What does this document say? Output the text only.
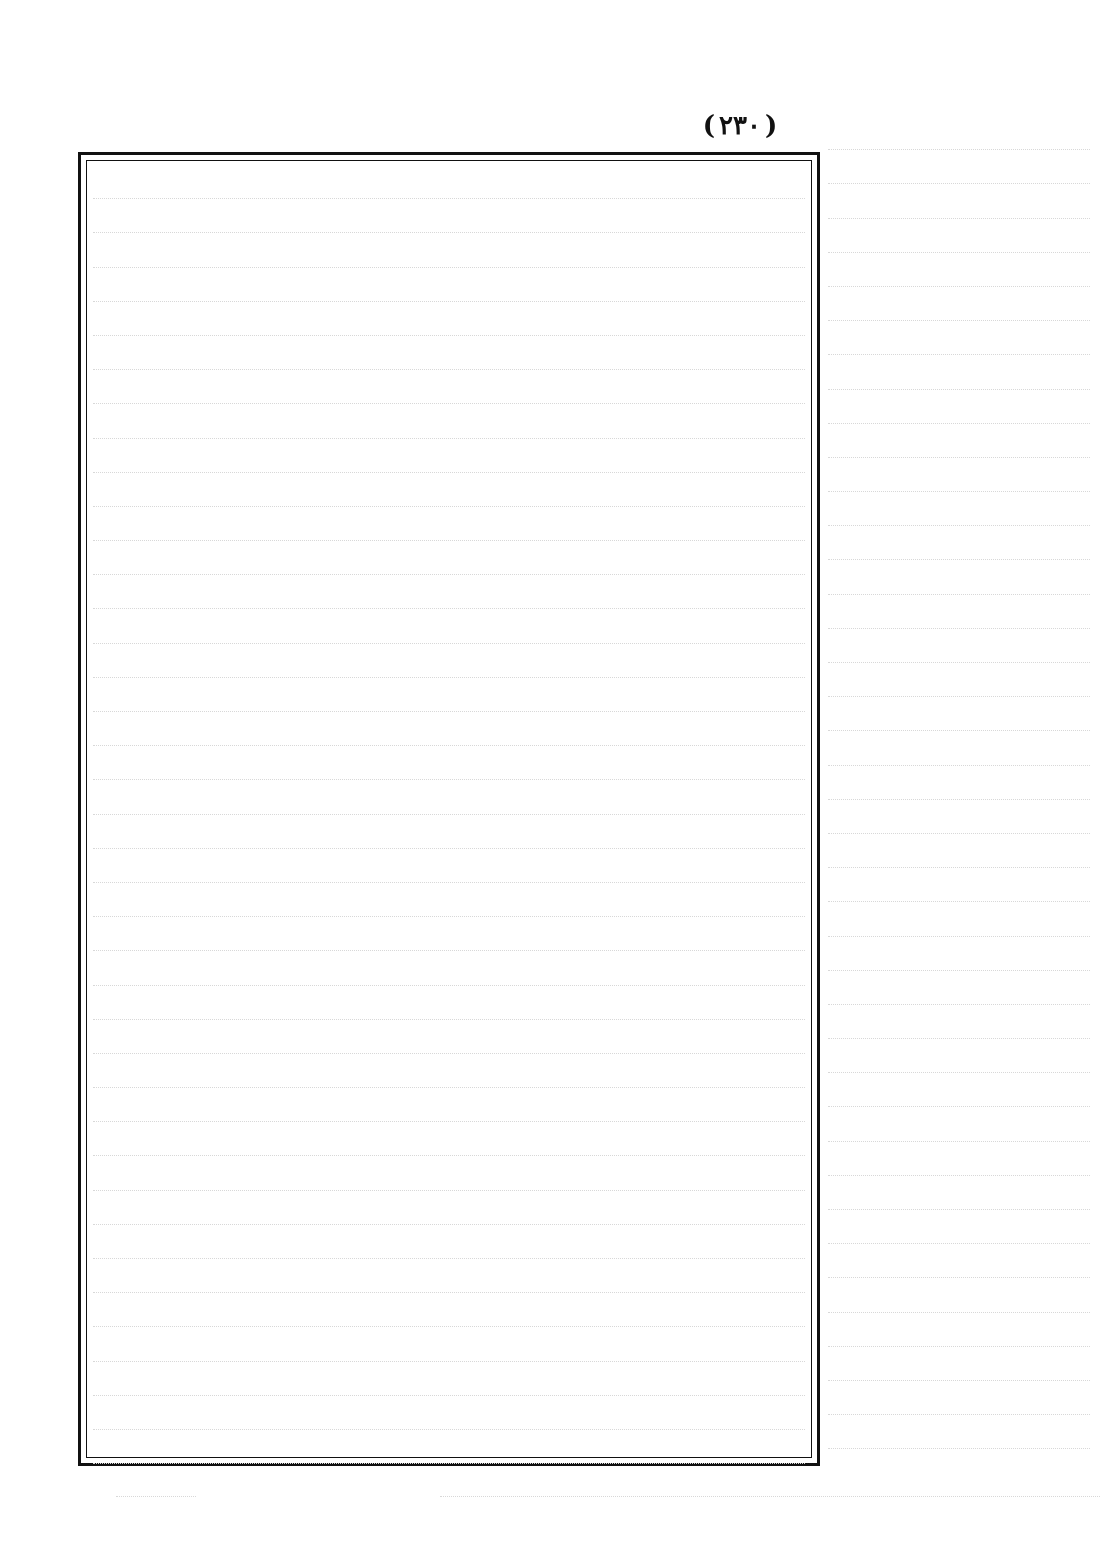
( ٢٣٠ )
